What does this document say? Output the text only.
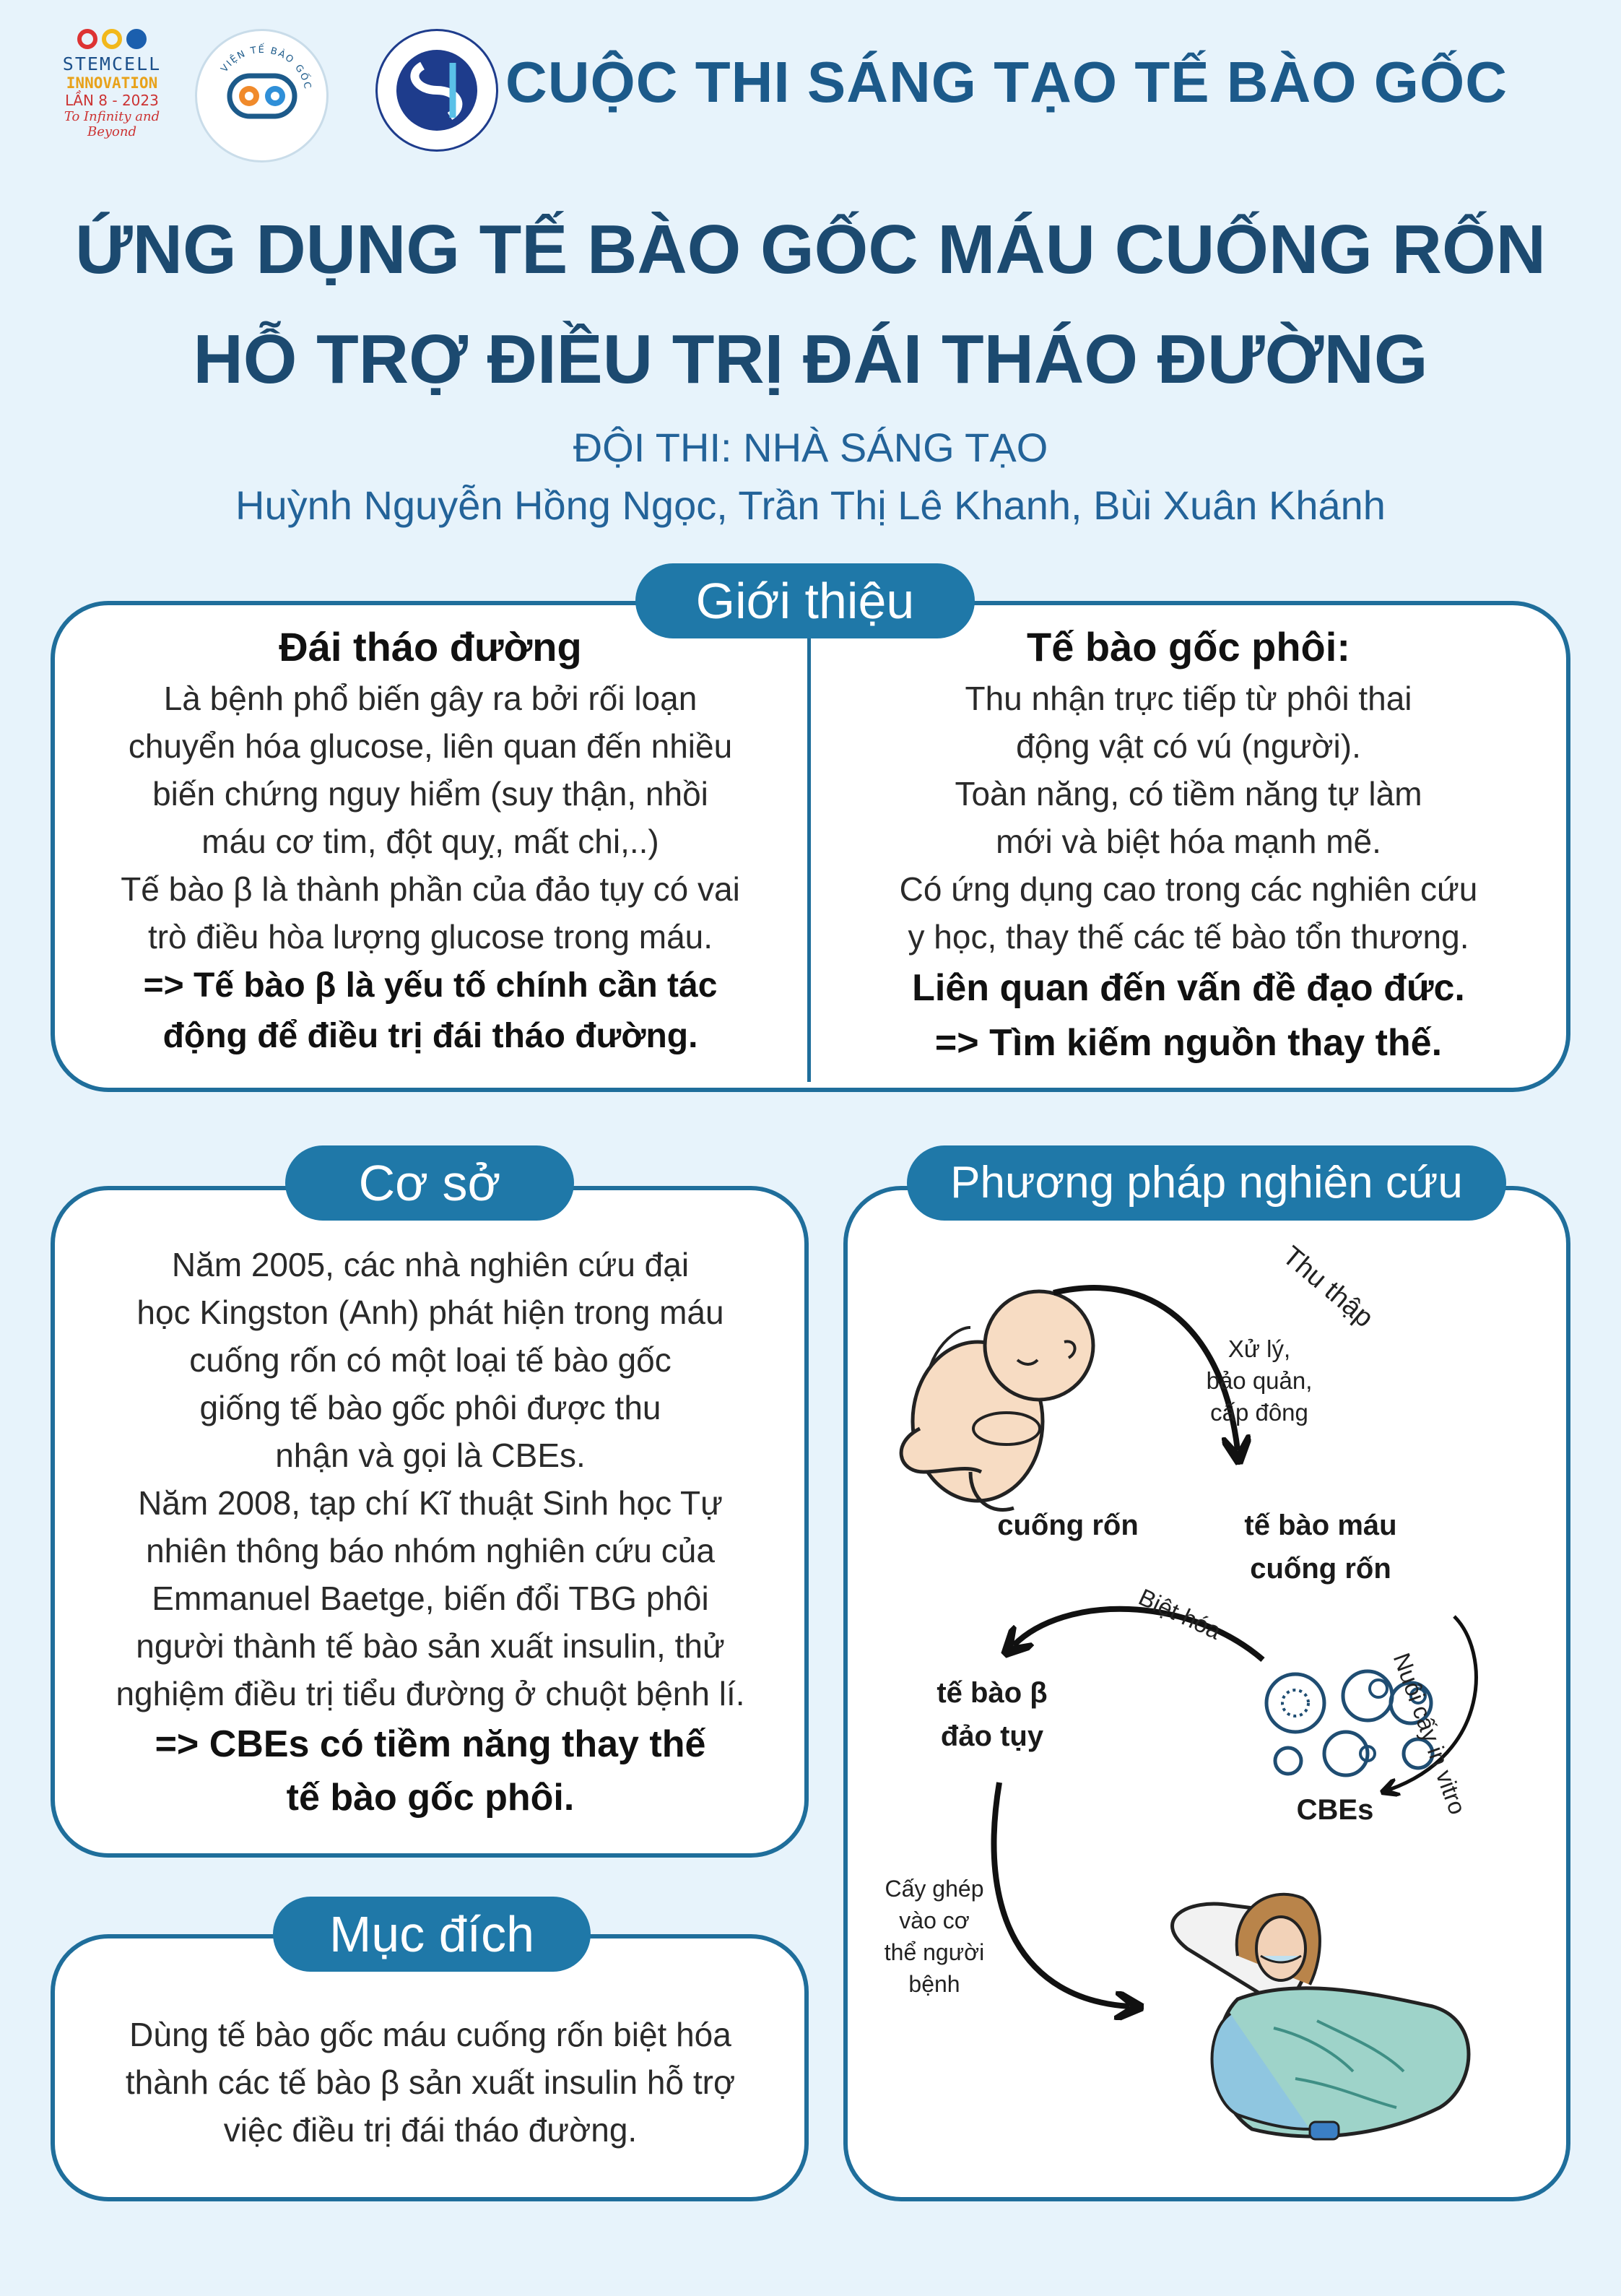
STEMCELL
INNOVATION
LẦN 8 - 2023
To Infinity and Beyond
VIỆN TẾ BÀO GỐC	CUỘC THI SÁNG TẠO TẾ BÀO GỐC
ỨNG DỤNG TẾ BÀO GỐC MÁU CUỐNG RỐN
HỖ TRỢ ĐIỀU TRỊ ĐÁI THÁO ĐƯỜNG
ĐỘI THI: NHÀ SÁNG TẠO
Huỳnh Nguyễn Hồng Ngọc, Trần Thị Lê Khanh, Bùi Xuân Khánh
Đái tháo đường

Là bệnh phổ biến gây ra bởi rối loạn

chuyển hóa glucose, liên quan đến nhiều

biến chứng nguy hiểm (suy thận, nhồi

máu cơ tim, đột quỵ, mất chi,..)

Tế bào β là thành phần của đảo tụy có vai

trò điều hòa lượng glucose trong máu.

=> Tế bào β là yếu tố chính cần tác

động để điều trị đái tháo đường.

Tế bào gốc phôi:

Thu nhận trực tiếp từ phôi thai

động vật có vú (người).

Toàn năng, có tiềm năng tự làm

mới và biệt hóa mạnh mẽ.

Có ứng dụng cao trong các nghiên cứu

y học, thay thế các tế bào tổn thương.

Liên quan đến vấn đề đạo đức.

=> Tìm kiếm nguồn thay thế.

Giới thiệu

Năm 2005, các nhà nghiên cứu đại

học Kingston (Anh) phát hiện trong máu

cuống rốn có một loại tế bào gốc

giống tế bào gốc phôi được thu

nhận và gọi là CBEs.

Năm 2008, tạp chí Kĩ thuật Sinh học Tự

nhiên thông báo nhóm nghiên cứu của

Emmanuel Baetge, biến đổi TBG phôi

người thành tế bào sản xuất insulin, thử

nghiệm điều trị tiểu đường ở chuột bệnh lí.

=> CBEs có tiềm năng thay thế

tế bào gốc phôi.

Cơ sở

Dùng tế bào gốc máu cuống rốn biệt hóa

thành các tế bào β sản xuất insulin hỗ trợ

việc điều trị đái tháo đường.

Mục đích
cuống rốn	tế bào máu
cuống rốn
tế bào β
đảo tụy
CBEs
Thu thập
Xử lý,
bảo quản,
cấp đông
Nuôi cấy in vitro
Biệt hóa
Cấy ghép
vào cơ
thể người
bệnh
Phương pháp nghiên cứu
